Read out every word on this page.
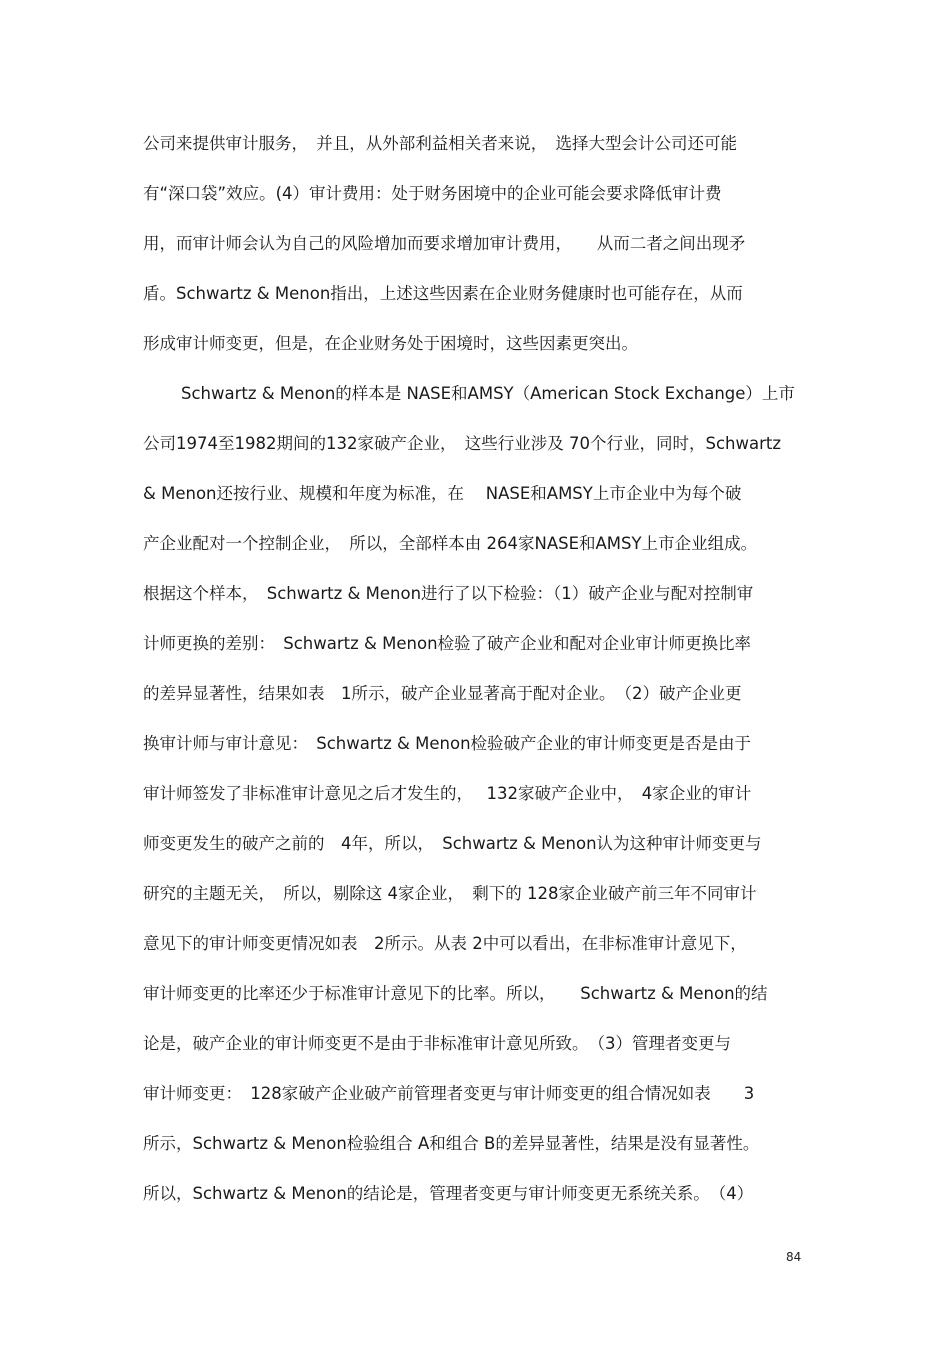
公司来提供审计服务，　并且，从外部利益相关者来说，　选择大型会计公司还可能
有“深口袋”效应。(4）审计费用：处于财务困境中的企业可能会要求降低审计费
用，而审计师会认为自己的风险增加而要求增加审计费用，　　从而二者之间出现矛
盾。Schwartz & Menon指出，上述这些因素在企业财务健康时也可能存在，从而
形成审计师变更，但是，在企业财务处于困境时，这些因素更突出。
Schwartz & Menon的样本是 NASE和AMSY（American Stock Exchange）上市
公司1974至1982期间的132家破产企业，　这些行业涉及 70个行业，同时，Schwartz
& Menon还按行业、规模和年度为标准，在　 NASE和AMSY上市企业中为每个破
产企业配对一个控制企业，　所以，全部样本由 264家NASE和AMSY上市企业组成。
根据这个样本，　Schwartz & Menon进行了以下检验：（1）破产企业与配对控制审
计师更换的差别：　Schwartz & Menon检验了破产企业和配对企业审计师更换比率
的差异显著性，结果如表　1所示，破产企业显著高于配对企业。　（2）破产企业更
换审计师与审计意见：　Schwartz & Menon检验破产企业的审计师变更是否是由于
审计师签发了非标准审计意见之后才发生的，　 132家破产企业中，　4家企业的审计
师变更发生的破产之前的　4年，所以，　Schwartz & Menon认为这种审计师变更与
研究的主题无关，　所以，剔除这 4家企业，　剩下的 128家企业破产前三年不同审计
意见下的审计师变更情况如表　2所示。从表 2中可以看出，在非标准审计意见下，
审计师变更的比率还少于标准审计意见下的比率。所以，　　Schwartz & Menon的结
论是，破产企业的审计师变更不是由于非标准审计意见所致。　（3）管理者变更与
审计师变更：　128家破产企业破产前管理者变更与审计师变更的组合情况如表　　3
所示，Schwartz & Menon检验组合 A和组合 B的差异显著性，结果是没有显著性。
所以，Schwartz & Menon的结论是，管理者变更与审计师变更无系统关系。　（4）
84
